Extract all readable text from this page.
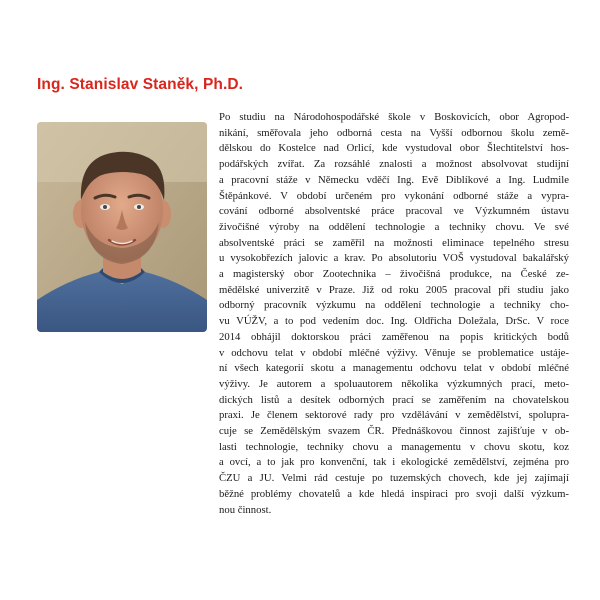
Ing. Stanislav Staněk, Ph.D.
Po studiu na Národohospodářské škole v Boskovicích, obor Agropod-
nikání, směřovala jeho odborná cesta na Vyšší odbornou školu země-
dělskou do Kostelce nad Orlicí, kde vystudoval obor Šlechtitelství hos-
podářských zvířat. Za rozsáhlé znalosti a možnost absolvovat studijní
a pracovní stáže v Německu vděčí Ing. Evě Diblíkové a Ing. Ludmile
Štěpánkové. V období určeném pro vykonání odborné stáže a vypra-
cování odborné absolventské práce pracoval ve Výzkumném ústavu
živočišné výroby na oddělení technologie a techniky chovu. Ve své
absolventské práci se zaměřil na možnosti eliminace tepelného stresu
u vysokobřezích jalovic a krav. Po absolutoriu VOŠ vystudoval bakalářský
a magisterský obor Zootechnika – živočišná produkce, na České ze-
mědělské univerzitě v Praze. Již od roku 2005 pracoval při studiu jako
odborný pracovník výzkumu na oddělení technologie a techniky cho-
vu VÚŽV, a to pod vedením doc. Ing. Oldřicha Doležala, DrSc. V roce
2014 obhájil doktorskou práci zaměřenou na popis kritických bodů
v odchovu telat v období mléčné výživy. Věnuje se problematice ustáje-
ní všech kategorií skotu a managementu odchovu telat v období mléčné
výživy. Je autorem a spoluautorem několika výzkumných prací, meto-
dických listů a desítek odborných prací se zaměřením na chovatelskou
praxi. Je členem sektorové rady pro vzdělávání v zemědělství, spolupra-
cuje se Zemědělským svazem ČR. Přednáškovou činnost zajišťuje v ob-
lasti technologie, techniky chovu a managementu v chovu skotu, koz
a ovcí, a to jak pro konvenční, tak i ekologické zemědělství, zejména pro
ČZU a JU. Velmi rád cestuje po tuzemských chovech, kde jej zajímají
běžné problémy chovatelů a kde hledá inspiraci pro svoji další výzkum-
nou činnost.
